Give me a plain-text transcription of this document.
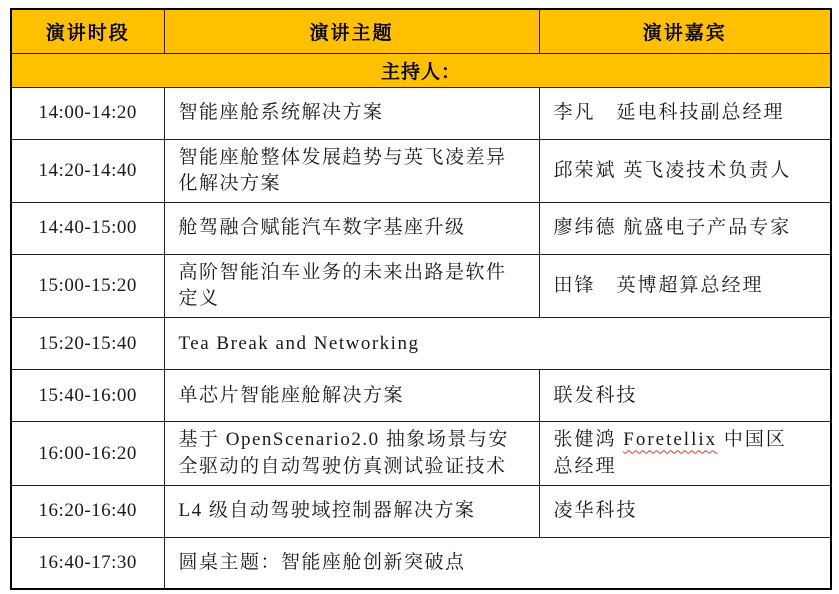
演讲时段	演讲主题	演讲嘉宾
主持人：		
14:00-14:20	智能座舱系统解决方案	李凡　延电科技副总经理
14:20-14:40	智能座舱整体发展趋势与英飞凌差异化解决方案	邱荣斌 英飞凌技术负责人
14:40-15:00	舱驾融合赋能汽车数字基座升级	廖纬德 航盛电子产品专家
15:00-15:20	高阶智能泊车业务的未来出路是软件定义	田锋　英博超算总经理
15:20-15:40	Tea Break and Networking	
15:40-16:00	单芯片智能座舱解决方案	联发科技
16:00-16:20	基于 OpenScenario2.0 抽象场景与安全驱动的自动驾驶仿真测试验证技术	张健鸿 Foretellix 中国区总经理
16:20-16:40	L4 级自动驾驶域控制器解决方案	凌华科技
16:40-17:30	圆桌主题：智能座舱创新突破点	
